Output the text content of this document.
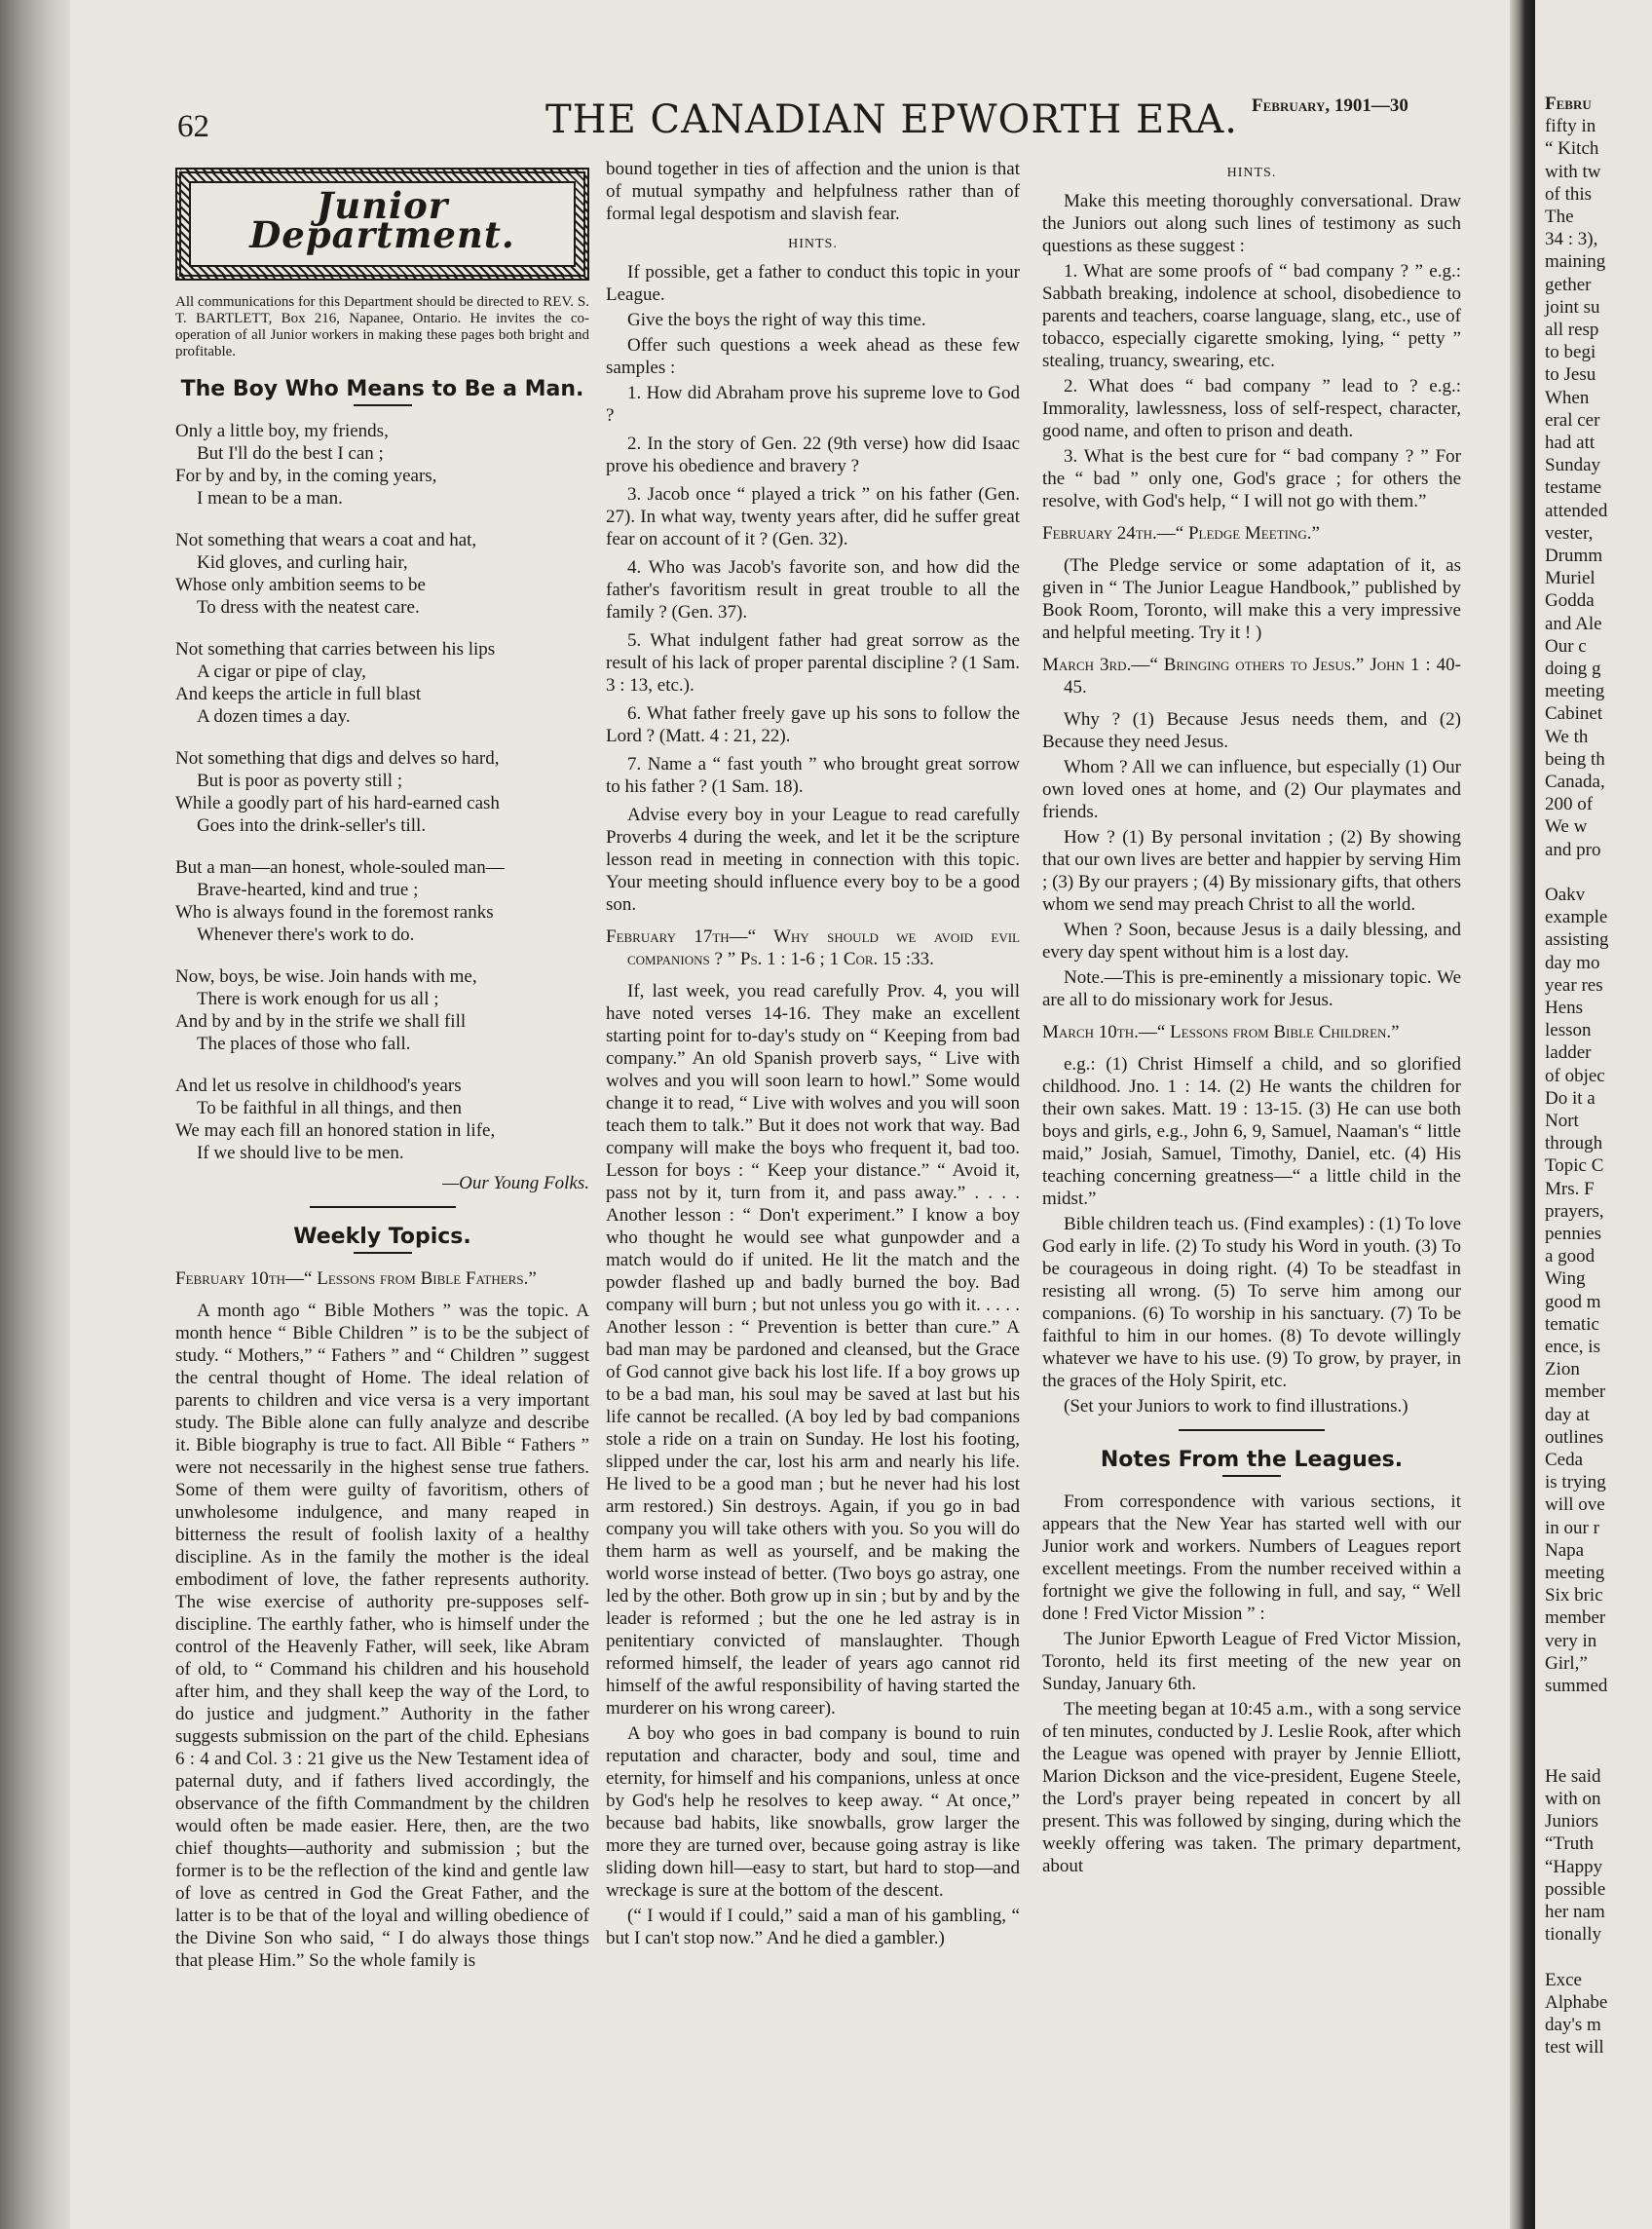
62	THE CANADIAN EPWORTH ERA. February, 1901—30
Junior Department.
All communications for this Department should be directed to REV. S. T. BARTLETT, Box 216, Napanee, Ontario. He invites the co-operation of all Junior workers in making these pages both bright and profitable.
The Boy Who Means to Be a Man.
Only a little boy, my friends,
But I'll do the best I can ;
For by and by, in the coming years,
I mean to be a man.
Not something that wears a coat and hat,
Kid gloves, and curling hair,
Whose only ambition seems to be
To dress with the neatest care.
Not something that carries between his lips
A cigar or pipe of clay,
And keeps the article in full blast
A dozen times a day.
Not something that digs and delves so hard,
But is poor as poverty still ;
While a goodly part of his hard-earned cash
Goes into the drink-seller's till.
But a man—an honest, whole-souled man—
Brave-hearted, kind and true ;
Who is always found in the foremost ranks
Whenever there's work to do.
Now, boys, be wise. Join hands with me,
There is work enough for us all ;
And by and by in the strife we shall fill
The places of those who fall.
And let us resolve in childhood's years
To be faithful in all things, and then
We may each fill an honored station in life,
If we should live to be men.
—Our Young Folks.
Weekly Topics.

February 10th—“ Lessons from Bible Fathers.”

A month ago “ Bible Mothers ” was the topic. A month hence “ Bible Children ” is to be the subject of study. “ Mothers,” “ Fathers ” and “ Children ” suggest the central thought of Home. The ideal relation of parents to children and vice versa is a very important study. The Bible alone can fully analyze and describe it. Bible biography is true to fact. All Bible “ Fathers ” were not necessarily in the highest sense true fathers. Some of them were guilty of favoritism, others of unwholesome indulgence, and many reaped in bitterness the result of foolish laxity of a healthy discipline. As in the family the mother is the ideal embodiment of love, the father represents authority. The wise exercise of authority pre-supposes self-discipline. The earthly father, who is himself under the control of the Heavenly Father, will seek, like Abram of old, to “ Command his children and his household after him, and they shall keep the way of the Lord, to do justice and judgment.” Authority in the father suggests submission on the part of the child. Ephesians 6 : 4 and Col. 3 : 21 give us the New Testament idea of paternal duty, and if fathers lived accordingly, the observance of the fifth Commandment by the children would often be made easier. Here, then, are the two chief thoughts—authority and submission ; but the former is to be the reflection of the kind and gentle law of love as centred in God the Great Father, and the latter is to be that of the loyal and willing obedience of the Divine Son who said, “ I do always those things that please Him.” So the whole family is

bound together in ties of affection and the union is that of mutual sympathy and helpfulness rather than of formal legal despotism and slavish fear.

HINTS.

If possible, get a father to conduct this topic in your League.

Give the boys the right of way this time.

Offer such questions a week ahead as these few samples :

1. How did Abraham prove his supreme love to God ?

2. In the story of Gen. 22 (9th verse) how did Isaac prove his obedience and bravery ?

3. Jacob once “ played a trick ” on his father (Gen. 27). In what way, twenty years after, did he suffer great fear on account of it ? (Gen. 32).

4. Who was Jacob's favorite son, and how did the father's favoritism result in great trouble to all the family ? (Gen. 37).

5. What indulgent father had great sorrow as the result of his lack of proper parental discipline ? (1 Sam. 3 : 13, etc.).

6. What father freely gave up his sons to follow the Lord ? (Matt. 4 : 21, 22).

7. Name a “ fast youth ” who brought great sorrow to his father ? (1 Sam. 18).

Advise every boy in your League to read carefully Proverbs 4 during the week, and let it be the scripture lesson read in meeting in connection with this topic. Your meeting should influence every boy to be a good son.

February 17th—“ Why should we avoid evil companions ? ” Ps. 1 : 1-6 ; 1 Cor. 15 :33.

If, last week, you read carefully Prov. 4, you will have noted verses 14-16. They make an excellent starting point for to-day's study on “ Keeping from bad company.” An old Spanish proverb says, “ Live with wolves and you will soon learn to howl.” Some would change it to read, “ Live with wolves and you will soon teach them to talk.” But it does not work that way. Bad company will make the boys who frequent it, bad too. Lesson for boys : “ Keep your distance.” “ Avoid it, pass not by it, turn from it, and pass away.” . . . . Another lesson : “ Don't experiment.” I know a boy who thought he would see what gunpowder and a match would do if united. He lit the match and the powder flashed up and badly burned the boy. Bad company will burn ; but not unless you go with it. . . . . Another lesson : “ Prevention is better than cure.” A bad man may be pardoned and cleansed, but the Grace of God cannot give back his lost life. If a boy grows up to be a bad man, his soul may be saved at last but his life cannot be recalled. (A boy led by bad companions stole a ride on a train on Sunday. He lost his footing, slipped under the car, lost his arm and nearly his life. He lived to be a good man ; but he never had his lost arm restored.) Sin destroys. Again, if you go in bad company you will take others with you. So you will do them harm as well as yourself, and be making the world worse instead of better. (Two boys go astray, one led by the other. Both grow up in sin ; but by and by the leader is reformed ; but the one he led astray is in penitentiary convicted of manslaughter. Though reformed himself, the leader of years ago cannot rid himself of the awful responsibility of having started the murderer on his wrong career).

A boy who goes in bad company is bound to ruin reputation and character, body and soul, time and eternity, for himself and his companions, unless at once by God's help he resolves to keep away. “ At once,” because bad habits, like snowballs, grow larger the more they are turned over, because going astray is like sliding down hill—easy to start, but hard to stop—and wreckage is sure at the bottom of the descent.

(“ I would if I could,” said a man of his gambling, “ but I can't stop now.” And he died a gambler.)

HINTS.

Make this meeting thoroughly conversational. Draw the Juniors out along such lines of testimony as such questions as these suggest :

1. What are some proofs of “ bad company ? ” e.g.: Sabbath breaking, indolence at school, disobedience to parents and teachers, coarse language, slang, etc., use of tobacco, especially cigarette smoking, lying, “ petty ” stealing, truancy, swearing, etc.

2. What does “ bad company ” lead to ? e.g.: Immorality, lawlessness, loss of self-respect, character, good name, and often to prison and death.

3. What is the best cure for “ bad company ? ” For the “ bad ” only one, God's grace ; for others the resolve, with God's help, “ I will not go with them.”

February 24th.—“ Pledge Meeting.”

(The Pledge service or some adaptation of it, as given in “ The Junior League Handbook,” published by Book Room, Toronto, will make this a very impressive and helpful meeting. Try it ! )

March 3rd.—“ Bringing others to Jesus.” John 1 : 40-45.

Why ? (1) Because Jesus needs them, and (2) Because they need Jesus.

Whom ? All we can influence, but especially (1) Our own loved ones at home, and (2) Our playmates and friends.

How ? (1) By personal invitation ; (2) By showing that our own lives are better and happier by serving Him ; (3) By our prayers ; (4) By missionary gifts, that others whom we send may preach Christ to all the world.

When ? Soon, because Jesus is a daily blessing, and every day spent without him is a lost day.

Note.—This is pre-eminently a missionary topic. We are all to do missionary work for Jesus.

March 10th.—“ Lessons from Bible Children.”

e.g.: (1) Christ Himself a child, and so glorified childhood. Jno. 1 : 14. (2) He wants the children for their own sakes. Matt. 19 : 13-15. (3) He can use both boys and girls, e.g., John 6, 9, Samuel, Naaman's “ little maid,” Josiah, Samuel, Timothy, Daniel, etc. (4) His teaching concerning greatness—“ a little child in the midst.”

Bible children teach us. (Find examples) : (1) To love God early in life. (2) To study his Word in youth. (3) To be courageous in doing right. (4) To be steadfast in resisting all wrong. (5) To serve him among our companions. (6) To worship in his sanctuary. (7) To be faithful to him in our homes. (8) To devote willingly whatever we have to his use. (9) To grow, by prayer, in the graces of the Holy Spirit, etc.

(Set your Juniors to work to find illustrations.)

Notes From the Leagues.

From correspondence with various sections, it appears that the New Year has started well with our Junior work and workers. Numbers of Leagues report excellent meetings. From the number received within a fortnight we give the following in full, and say, “ Well done ! Fred Victor Mission ” :

The Junior Epworth League of Fred Victor Mission, Toronto, held its first meeting of the new year on Sunday, January 6th.

The meeting began at 10:45 a.m., with a song service of ten minutes, conducted by J. Leslie Rook, after which the League was opened with prayer by Jennie Elliott, Marion Dickson and the vice-president, Eugene Steele, the Lord's prayer being repeated in concert by all present. This was followed by singing, during which the weekly offering was taken. The primary department, about

Febru
fifty in
“ Kitch
with tw
of this
The
34 : 3),
maining
gether
joint su
all resp
to begi
to Jesu
When
eral cer
had att
Sunday
testame
attended
vester,
Drumm
Muriel
Godda
and Ale
Our c
doing g
meeting
Cabinet
We th
being th
Canada,
200 of
We w
and pro
Oakv
example
assisting
day mo
year res
Hens
lesson
ladder
of objec
Do it a
Nort
through
Topic C
Mrs. F
prayers,
pennies
a good
Wing
good m
tematic
ence, is
Zion
member
day at
outlines
Ceda
is trying
will ove
in our r
Napa
meeting
Six bric
member
very in
Girl,”
summed
He said
with on
Juniors
“Truth
“Happy
possible
her nam
tionally
Exce
Alphabe
day's m
test will
